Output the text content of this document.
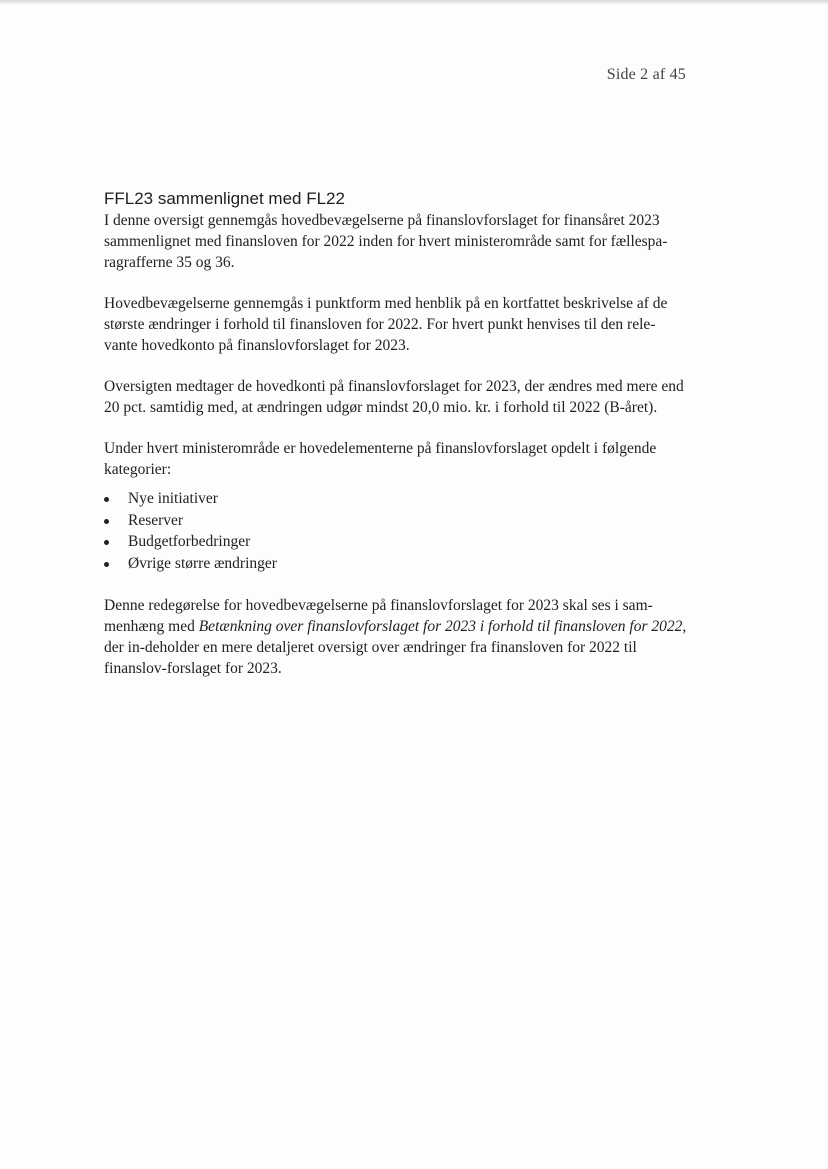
Side 2 af 45
FFL23 sammenlignet med FL22

I denne oversigt gennemgås hovedbevægelserne på finanslovforslaget for finansåret 2023 sammenlignet med finansloven for 2022 inden for hvert ministerområde samt for fællespa-ragrafferne 35 og 36.

Hovedbevægelserne gennemgås i punktform med henblik på en kortfattet beskrivelse af de største ændringer i forhold til finansloven for 2022. For hvert punkt henvises til den rele-vante hovedkonto på finanslovforslaget for 2023.

Oversigten medtager de hovedkonti på finanslovforslaget for 2023, der ændres med mere end 20 pct. samtidig med, at ændringen udgør mindst 20,0 mio. kr. i forhold til 2022 (B-året).

Under hvert ministerområde er hovedelementerne på finanslovforslaget opdelt i følgende kategorier:

Nye initiativer
Reserver
Budgetforbedringer
Øvrige større ændringer

Denne redegørelse for hovedbevægelserne på finanslovforslaget for 2023 skal ses i sam-menhæng med Betænkning over finanslovforslaget for 2023 i forhold til finansloven for 2022, der in-deholder en mere detaljeret oversigt over ændringer fra finansloven for 2022 til finanslov-forslaget for 2023.
